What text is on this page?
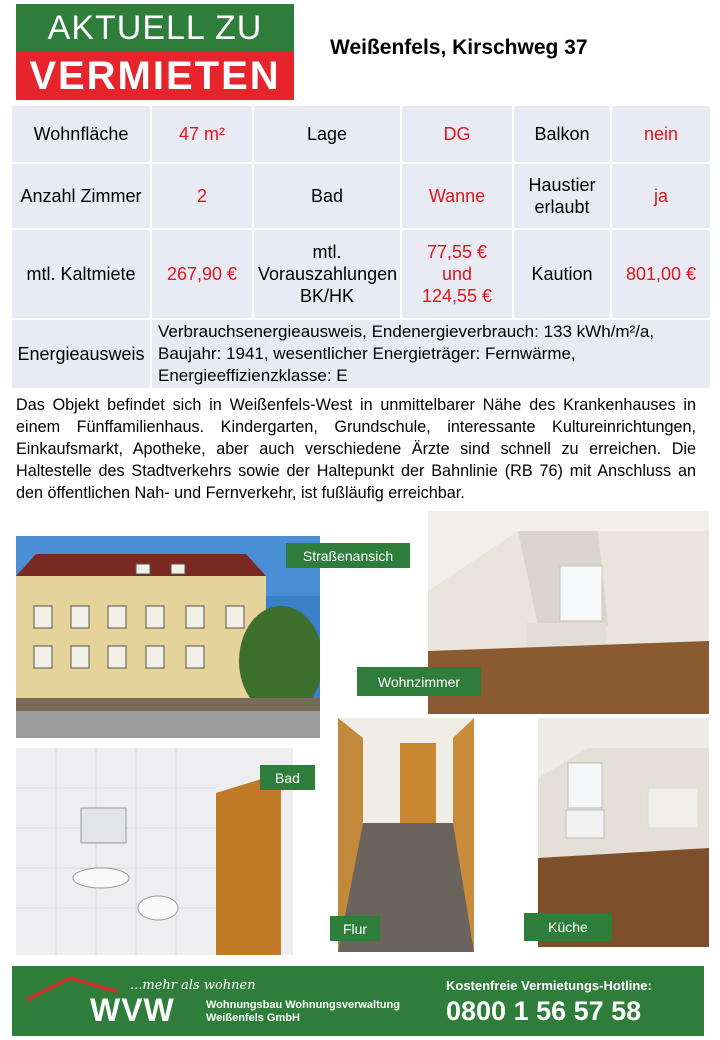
AKTUELL ZU
VERMIETEN
Weißenfels, Kirschweg 37
Wohnfläche	47 m²	Lage	DG	Balkon	nein
Anzahl Zimmer	2	Bad	Wanne	Haustier
erlaubt	ja
mtl. Kaltmiete	267,90 €	mtl.
Vorauszahlungen
BK/HK	77,55 €
und
124,55 €	Kaution	801,00 €
Energieausweis	Verbrauchsenergieausweis, Endenergieverbrauch: 133 kWh/m²/a,
Baujahr: 1941, wesentlicher Energieträger: Fernwärme,
Energieeffizienzklasse: E				
Das Objekt befindet sich in Weißenfels-West in unmittelbarer Nähe des Krankenhauses in einem Fünffamilienhaus. Kindergarten, Grundschule, interessante Kultureinrichtungen, Einkaufsmarkt, Apotheke, aber auch verschiedene Ärzte sind schnell zu erreichen. Die Haltestelle des Stadtverkehrs sowie der Haltepunkt der Bahnlinie (RB 76) mit Anschluss an den öffentlichen Nah- und Fernverkehr, ist fußläufig erreichbar.
Straßenansich
Wohnzimmer
Bad
Flur	Küche
...mehr als wohnen
WVW	Wohnungsbau Wohnungsverwaltung
Weißenfels GmbH
Kostenfreie Vermietungs-Hotline:
0800 1 56 57 58
